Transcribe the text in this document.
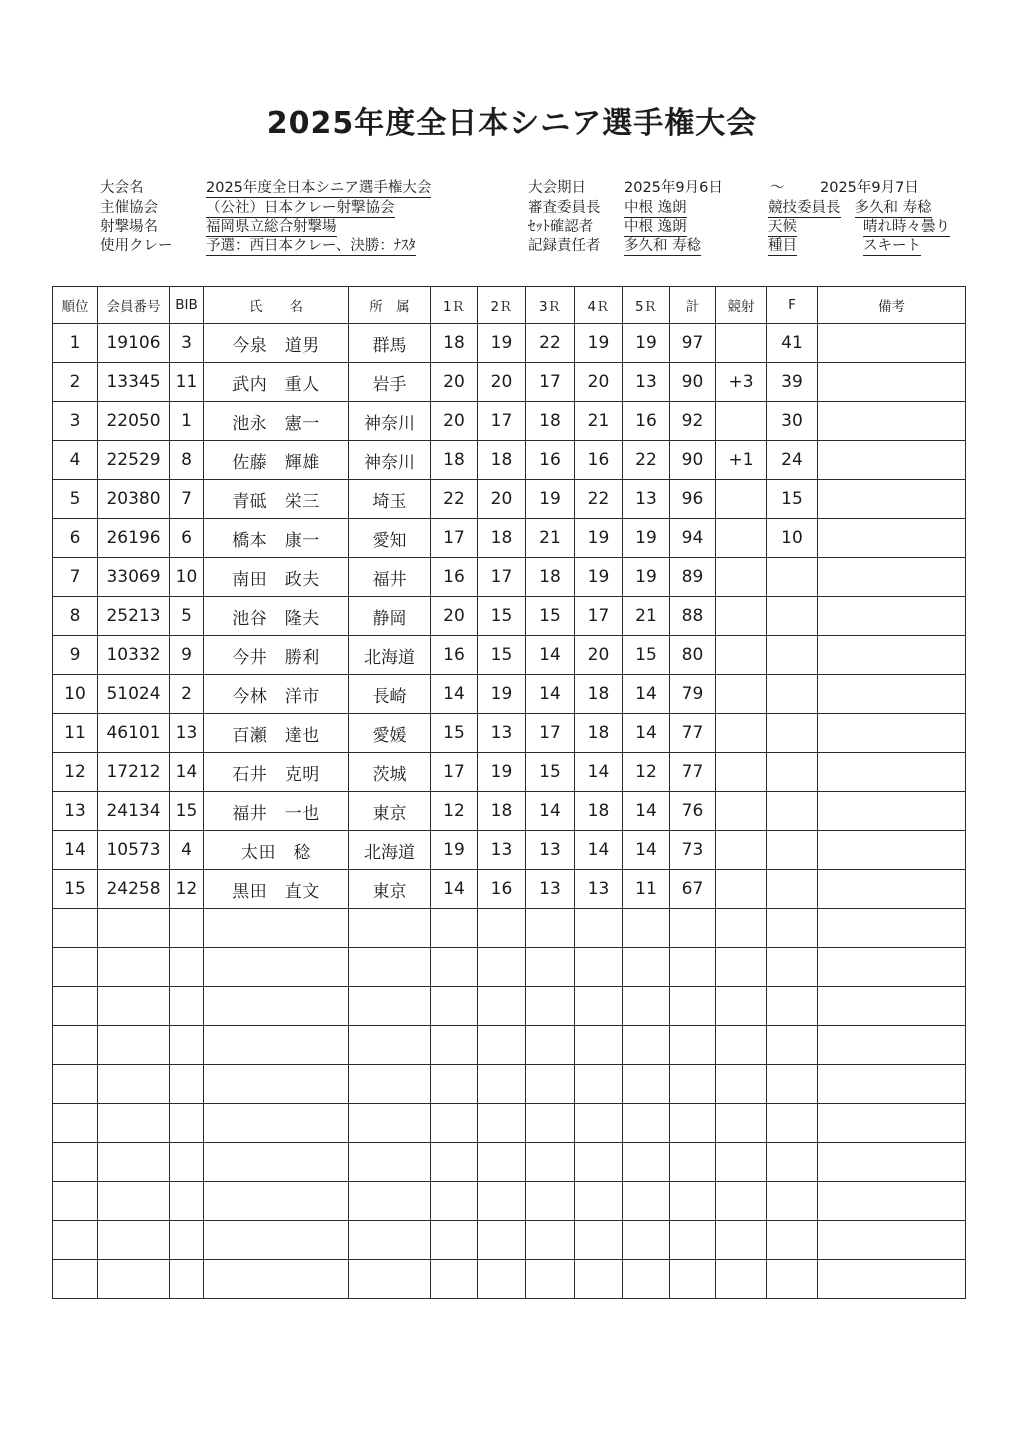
2025年度全日本シニア選手権大会
大会名	2025年度全日本シニア選手権大会
主催協会	（公社）日本クレー射撃協会
射撃場名	福岡県立総合射撃場
使用クレー 予選：西日本クレー、決勝：ﾅｽﾀ
大会期日	2025年9月6日	～ 2025年9月7日
審査委員長 中根 逸朗
ｾｯﾄ確認者 中根 逸朗
記録責任者 多久和 寿稔
競技委員長 多久和 寿稔
天候	晴れ時々曇り
種目	スキート
順位	会員番号	BIB	氏　　名	所　属	1Ｒ	2Ｒ	3Ｒ	4Ｒ	5Ｒ	計	競射	F	備考
1	19106	3	今泉　道男	群馬	18	19	22	19	19	97		41	
2	13345	11	武内　重人	岩手	20	20	17	20	13	90	+3	39	
3	22050	1	池永　憲一	神奈川	20	17	18	21	16	92		30	
4	22529	8	佐藤　輝雄	神奈川	18	18	16	16	22	90	+1	24	
5	20380	7	青砥　栄三	埼玉	22	20	19	22	13	96		15	
6	26196	6	橋本　康一	愛知	17	18	21	19	19	94		10	
7	33069	10	南田　政夫	福井	16	17	18	19	19	89			
8	25213	5	池谷　隆夫	静岡	20	15	15	17	21	88			
9	10332	9	今井　勝利	北海道	16	15	14	20	15	80			
10	51024	2	今林　洋市	長崎	14	19	14	18	14	79			
11	46101	13	百瀬　達也	愛媛	15	13	17	18	14	77			
12	17212	14	石井　克明	茨城	17	19	15	14	12	77			
13	24134	15	福井　一也	東京	12	18	14	18	14	76			
14	10573	4	太田　稔	北海道	19	13	13	14	14	73			
15	24258	12	黒田　直文	東京	14	16	13	13	11	67			
